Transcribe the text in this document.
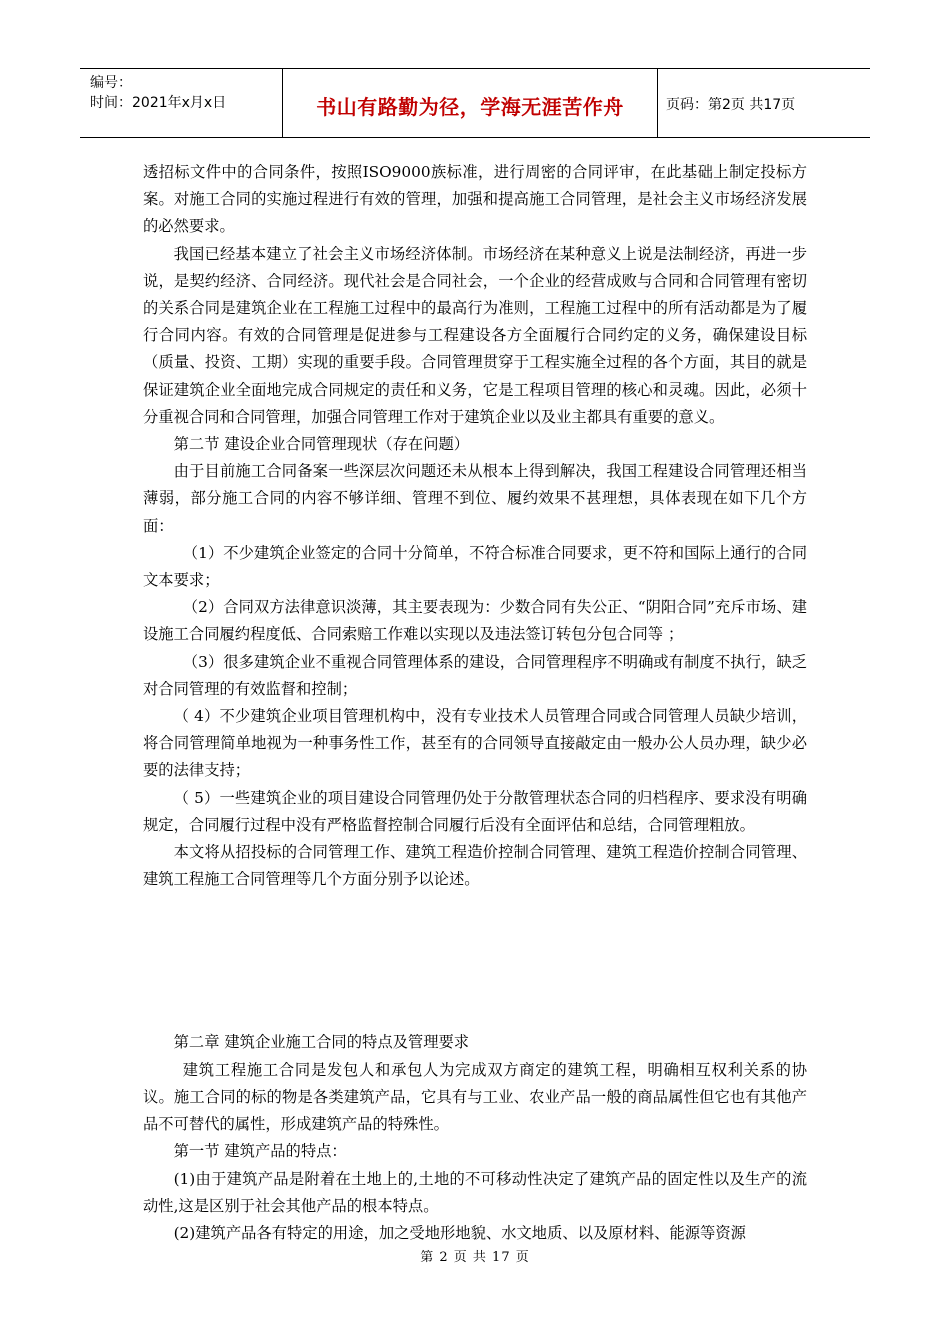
编号：
时间：2021年x月x日	书山有路勤为径，学海无涯苦作舟	页码：第2页 共17页

透招标文件中的合同条件，按照ISO9000族标准，进行周密的合同评审，在此基础上制定投标方案。对施工合同的实施过程进行有效的管理，加强和提高施工合同管理，是社会主义市场经济发展的必然要求。

我国已经基本建立了社会主义市场经济体制。市场经济在某种意义上说是法制经济，再进一步说，是契约经济、合同经济。现代社会是合同社会，一个企业的经营成败与合同和合同管理有密切的关系合同是建筑企业在工程施工过程中的最高行为准则，工程施工过程中的所有活动都是为了履行合同内容。有效的合同管理是促进参与工程建设各方全面履行合同约定的义务，确保建设目标（质量、投资、工期）实现的重要手段。合同管理贯穿于工程实施全过程的各个方面，其目的就是保证建筑企业全面地完成合同规定的责任和义务，它是工程项目管理的核心和灵魂。因此，必须十分重视合同和合同管理，加强合同管理工作对于建筑企业以及业主都具有重要的意义。

第二节 建设企业合同管理现状（存在问题）

由于目前施工合同备案一些深层次问题还未从根本上得到解决，我国工程建设合同管理还相当薄弱，部分施工合同的内容不够详细、管理不到位、履约效果不甚理想，具体表现在如下几个方面：

（1）不少建筑企业签定的合同十分简单，不符合标准合同要求，更不符和国际上通行的合同文本要求；

（2）合同双方法律意识淡薄，其主要表现为：少数合同有失公正、“阴阳合同”充斥市场、建设施工合同履约程度低、合同索赔工作难以实现以及违法签订转包分包合同等 ；

（3）很多建筑企业不重视合同管理体系的建设，合同管理程序不明确或有制度不执行，缺乏对合同管理的有效监督和控制；

（ 4）不少建筑企业项目管理机构中，没有专业技术人员管理合同或合同管理人员缺少培训，将合同管理简单地视为一种事务性工作，甚至有的合同领导直接敲定由一般办公人员办理，缺少必要的法律支持；

（ 5）一些建筑企业的项目建设合同管理仍处于分散管理状态合同的归档程序、要求没有明确规定，合同履行过程中没有严格监督控制合同履行后没有全面评估和总结，合同管理粗放。

本文将从招投标的合同管理工作、建筑工程造价控制合同管理、建筑工程造价控制合同管理、建筑工程施工合同管理等几个方面分别予以论述。

第二章 建筑企业施工合同的特点及管理要求

建筑工程施工合同是发包人和承包人为完成双方商定的建筑工程，明确相互权利关系的协议。施工合同的标的物是各类建筑产品，它具有与工业、农业产品一般的商品属性但它也有其他产品不可替代的属性，形成建筑产品的特殊性。

第一节 建筑产品的特点：

(1)由于建筑产品是附着在土地上的,土地的不可移动性决定了建筑产品的固定性以及生产的流动性,这是区别于社会其他产品的根本特点。

(2)建筑产品各有特定的用途，加之受地形地貌、水文地质、以及原材料、能源等资源

第 2 页 共 17 页
